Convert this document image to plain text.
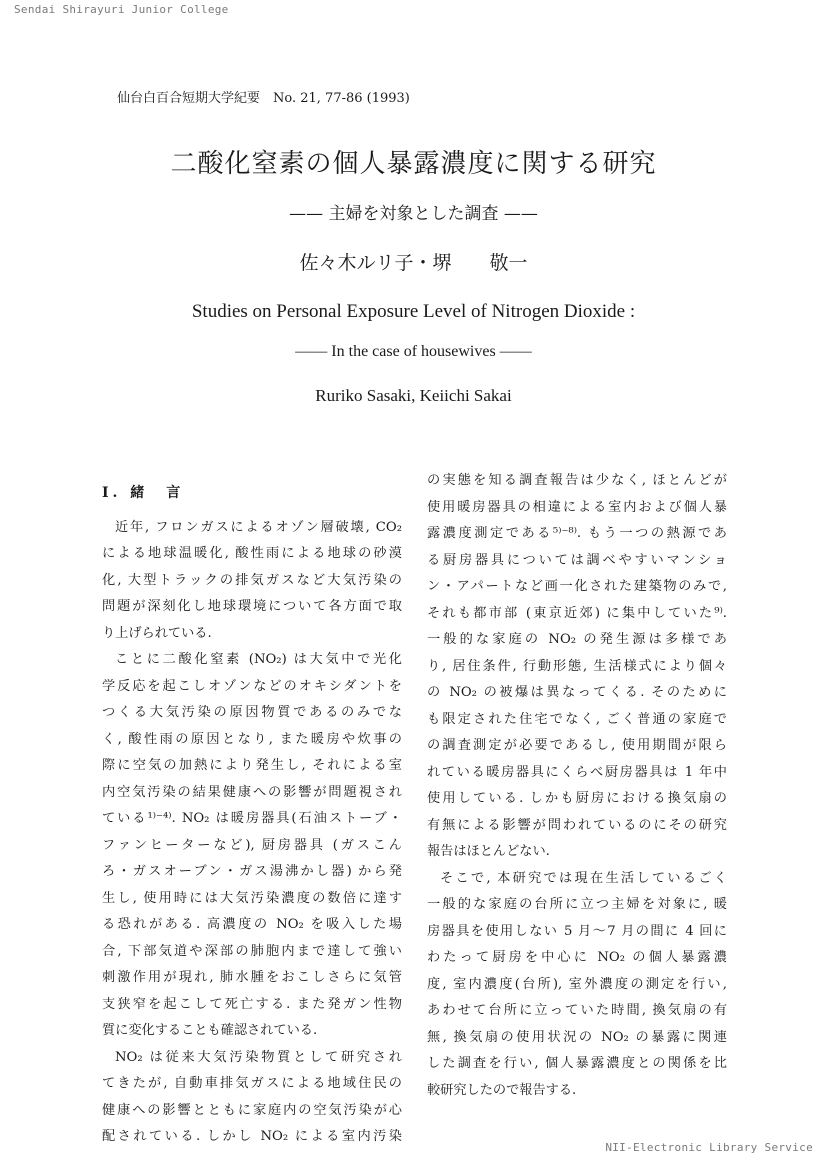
Sendai Shirayuri Junior College
仙台白百合短期大学紀要　No. 21, 77-86 (1993)
二酸化窒素の個人暴露濃度に関する研究
—— 主婦を対象とした調査 ——
佐々木ルリ子・堺　　敬一
Studies on Personal Exposure Level of Nitrogen Dioxide :
—— In the case of housewives ——
Ruriko Sasaki, Keiichi Sakai
I. 緒　言
近年, フロンガスによるオゾン層破壊, CO₂
による地球温暖化, 酸性雨による地球の砂漠
化, 大型トラックの排気ガスなど大気汚染の
問題が深刻化し地球環境について各方面で取
り上げられている.
ことに二酸化窒素 (NO₂) は大気中で光化
学反応を起こしオゾンなどのオキシダントを
つくる大気汚染の原因物質であるのみでな
く, 酸性雨の原因となり, また暖房や炊事の
際に空気の加熱により発生し, それによる室
内空気汚染の結果健康への影響が問題視され
ている¹⁾⁻⁴⁾. NO₂ は暖房器具(石油ストーブ・
ファンヒーターなど), 厨房器具 (ガスこん
ろ・ガスオーブン・ガス湯沸かし器) から発
生し, 使用時には大気汚染濃度の数倍に達す
る恐れがある. 高濃度の NO₂ を吸入した場
合, 下部気道や深部の肺胞内まで達して強い
刺激作用が現れ, 肺水腫をおこしさらに気管
支狭窄を起こして死亡する. また発ガン性物
質に変化することも確認されている.
NO₂ は従来大気汚染物質として研究され
てきたが, 自動車排気ガスによる地域住民の
健康への影響とともに家庭内の空気汚染が心
配されている. しかし NO₂ による室内汚染
の実態を知る調査報告は少なく, ほとんどが
使用暖房器具の相違による室内および個人暴
露濃度測定である⁵⁾⁻⁸⁾. もう一つの熱源であ
る厨房器具については調べやすいマンショ
ン・アパートなど画一化された建築物のみで,
それも都市部 (東京近郊) に集中していた⁹⁾.
一般的な家庭の NO₂ の発生源は多様であ
り, 居住条件, 行動形態, 生活様式により個々
の NO₂ の被爆は異なってくる. そのために
も限定された住宅でなく, ごく普通の家庭で
の調査測定が必要であるし, 使用期間が限ら
れている暖房器具にくらべ厨房器具は 1 年中
使用している. しかも厨房における換気扇の
有無による影響が問われているのにその研究
報告はほとんどない.
そこで, 本研究では現在生活しているごく
一般的な家庭の台所に立つ主婦を対象に, 暖
房器具を使用しない 5 月～7 月の間に 4 回に
わたって厨房を中心に NO₂ の個人暴露濃
度, 室内濃度(台所), 室外濃度の測定を行い,
あわせて台所に立っていた時間, 換気扇の有
無, 換気扇の使用状況の NO₂ の暴露に関連
した調査を行い, 個人暴露濃度との関係を比
較研究したので報告する.
NII-Electronic Library Service
